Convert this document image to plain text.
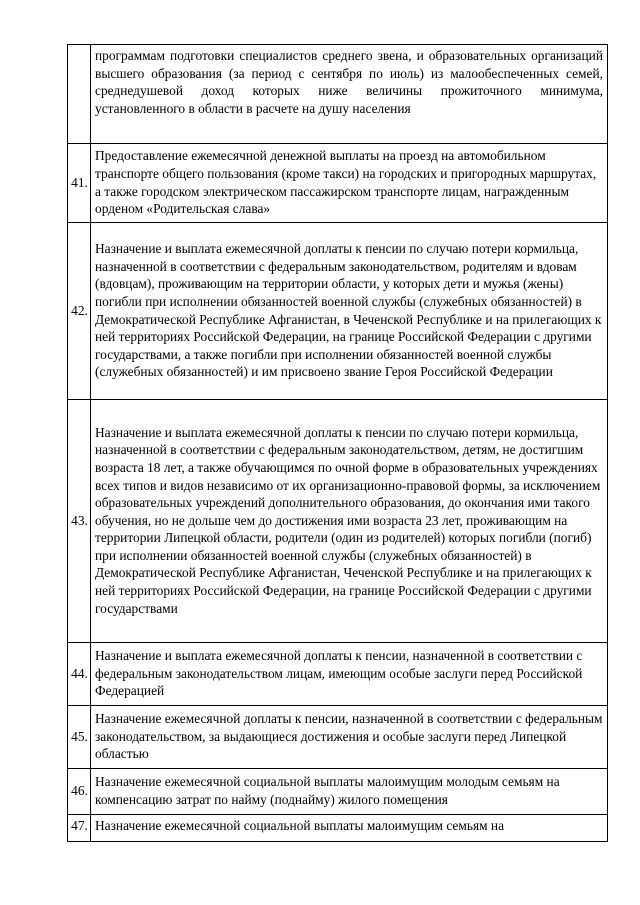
	программам подготовки специалистов среднего звена, и образовательных организаций высшего образования (за период с сентября по июль) из малообеспеченных семей, среднедушевой доход которых ниже величины прожиточного минимума, установленного в области в расчете на душу населения
41.	Предоставление ежемесячной денежной выплаты на проезд на автомобильном транспорте общего пользования (кроме такси) на городских и пригородных маршрутах, а также городском электрическом пассажирском транспорте лицам, награжденным орденом «Родительская слава»
42.	Назначение и выплата ежемесячной доплаты к пенсии по случаю потери кормильца, назначенной в соответствии с федеральным законодательством, родителям и вдовам (вдовцам), проживающим на территории области, у которых дети и мужья (жены) погибли при исполнении обязанностей военной службы (служебных обязанностей) в Демократической Республике Афганистан, в Чеченской Республике и на прилегающих к ней территориях Российской Федерации, на границе Российской Федерации с другими государствами, а также погибли при исполнении обязанностей военной службы (служебных обязанностей) и им присвоено звание Героя Российской Федерации
43.	Назначение и выплата ежемесячной доплаты к пенсии по случаю потери кормильца, назначенной в соответствии с федеральным законодательством, детям, не достигшим возраста 18 лет, а также обучающимся по очной форме в образовательных учреждениях всех типов и видов независимо от их организационно-правовой формы, за исключением образовательных учреждений дополнительного образования, до окончания ими такого обучения, но не дольше чем до достижения ими возраста 23 лет, проживающим на территории Липецкой области, родители (один из родителей) которых погибли (погиб) при исполнении обязанностей военной службы (служебных обязанностей) в Демократической Республике Афганистан, Чеченской Республике и на прилегающих к ней территориях Российской Федерации, на границе Российской Федерации с другими государствами
44.	Назначение и выплата ежемесячной доплаты к пенсии, назначенной в соответствии с федеральным законодательством лицам, имеющим особые заслуги перед Российской Федерацией
45.	Назначение ежемесячной доплаты к пенсии, назначенной в соответствии с федеральным законодательством, за выдающиеся достижения и особые заслуги перед Липецкой областью
46.	Назначение ежемесячной социальной выплаты малоимущим молодым семьям на компенсацию затрат по найму (поднайму) жилого помещения
47.	Назначение ежемесячной социальной выплаты малоимущим семьям на
